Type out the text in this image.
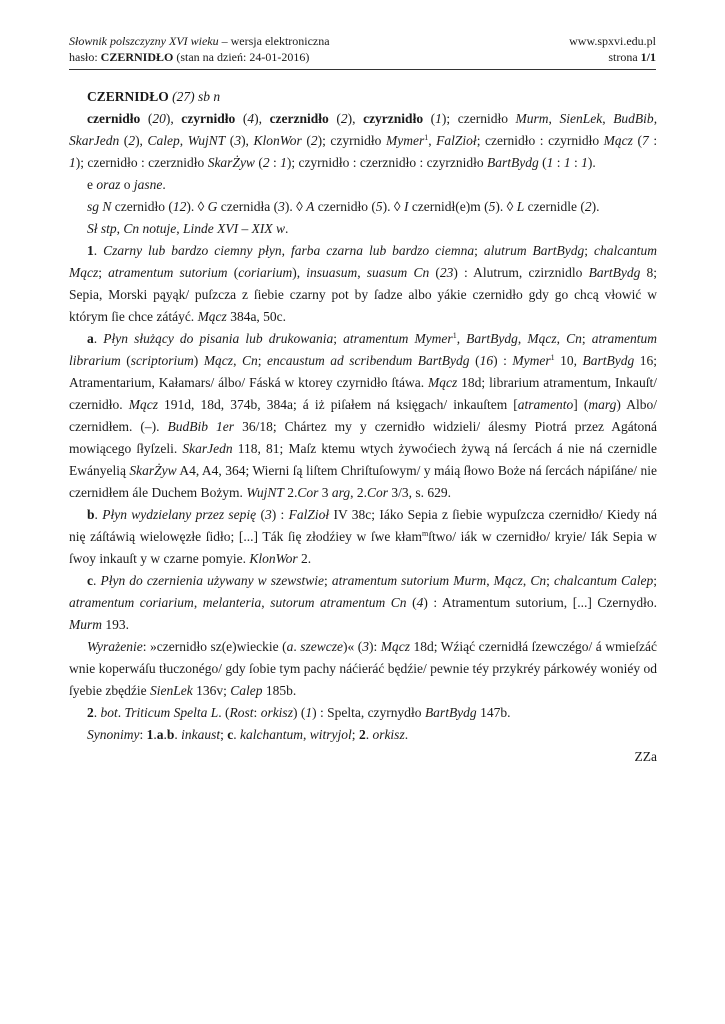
Słownik polszczyzny XVI wieku – wersja elektroniczna	www.spxvi.edu.pl
hasło: CZERNIDŁO (stan na dzień: 24-01-2016)	strona 1/1

CZERNIDŁO (27) sb n

czernidło (20), czyrnidło (4), czerznidło (2), czyrznidło (1); czernidło Murm, SienLek, BudBib, SkarJedn (2), Calep, WujNT (3), KlonWor (2); czyrnidło Mymer$^1$, FalZioł; czernidło : czyrnidło Mącz (7 : 1); czernidło : czerznidło SkarŻyw (2 : 1); czyrnidło : czerznidło : czyrznidło BartBydg (1 : 1 : 1).

e oraz o jasne.

sg N czernidło (12). ◊ G czernidła (3). ◊ A czernidło (5). ◊ I czernidł(e)m (5). ◊ L czernidle (2).

Sł stp, Cn notuje, Linde XVI – XIX w.

1. Czarny lub bardzo ciemny płyn, farba czarna lub bardzo ciemna; alutrum BartBydg; chalcantum Mącz; atramentum sutorium (coriarium), insuasum, suasum Cn (23) : Alutrum, czirznidlo BartBydg 8; Sepia, Morski pąyąk/ puſzcza z ſiebie czarny pot by ſadze albo yákie czernidło gdy go chcą vłowić w którym ſie chce zátáyć. Mącz 384a, 50c.

a. Płyn służący do pisania lub drukowania; atramentum Mymer$^1$, BartBydg, Mącz, Cn; atramentum librarium (scriptorium) Mącz, Cn; encaustum ad scribendum BartBydg (16) : Mymer$^1$ 10, BartBydg 16; Atramentarium, Kałamars/ álbo/ Fáská w ktorey czyrnidło ſtáwa. Mącz 18d; librarium atramentum, Inkauſt/ czernidło. Mącz 191d, 18d, 374b, 384a; á iż piſałem ná księgach/ inkauſtem [atramento] (marg) Albo/ czernidłem. (–). BudBib 1er 36/18; Chártez my y czernidło widzieli/ álesmy Piotrá przez Agátoná mowiącego ſłyſzeli. SkarJedn 118, 81; Maſz ktemu wtych żywoćiech żywą ná ſercách á nie ná czernidle Ewányelią SkarŻyw A4, A4, 364; Wierni ſą liſtem Chriſtuſowym/ y máią ſłowo Boże ná ſercách nápiſáne/ nie czernidłem ále Duchem Bożym. WujNT 2.Cor 3 arg, 2.Cor 3/3, s. 629.

b. Płyn wydzielany przez sepię (3) : FalZioł IV 38c; Iáko Sepia z ſiebie wypuſzcza czernidło/ Kiedy ná nię záſtáwią wielowęzłe ſidło; [...] Ták ſię złodźiey w ſwe kłam$^m$ſtwo/ iák w czernidło/ kryie/ Iák Sepia w ſwoy inkauſt y w czarne pomyie. KlonWor 2.

c. Płyn do czernienia używany w szewstwie; atramentum sutorium Murm, Mącz, Cn; chalcantum Calep; atramentum coriarium, melanteria, sutorum atramentum Cn (4) : Atramentum sutorium, [...] Czernydło. Murm 193.

Wyrażenie: »czernidło sz(e)wieckie (a. szewcze)« (3): Mącz 18d; Wźiąć czernidłá ſzewczégo/ á wmieſzáć wnie koperwáſu tłuczonégo/ gdy ſobie tym pachy náćieráć będźie/ pewnie téy przykréy párkowéy woniéy od ſyebie zbędźie SienLek 136v; Calep 185b.

2. bot. Triticum Spelta L. (Rost: orkisz) (1) : Spelta, czyrnydło BartBydg 147b.

Synonimy: 1.a.b. inkaust; c. kalchantum, witryjol; 2. orkisz.

ZZa
